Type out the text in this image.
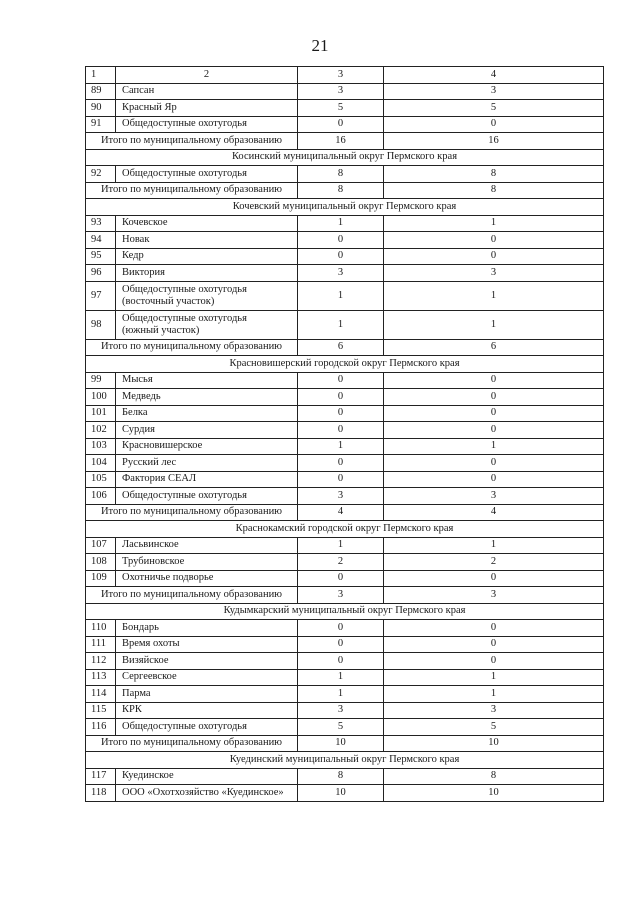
21
1	2	3	4
89	Сапсан	3	3
90	Красный Яр	5	5
91	Общедоступные охотугодья	0	0
Итого по муниципальному образованию		16	16
Косинский муниципальный округ Пермского края			
92	Общедоступные охотугодья	8	8
Итого по муниципальному образованию		8	8
Кочевский муниципальный округ Пермского края			
93	Кочевское	1	1
94	Новак	0	0
95	Кедр	0	0
96	Виктория	3	3
97	Общедоступные охотугодья
(восточный участок)	1	1
98	Общедоступные охотугодья
(южный участок)	1	1
Итого по муниципальному образованию		6	6
Красновишерский городской округ Пермского края			
99	Мысья	0	0
100	Медведь	0	0
101	Белка	0	0
102	Сурдия	0	0
103	Красновишерское	1	1
104	Русский лес	0	0
105	Фактория СЕАЛ	0	0
106	Общедоступные охотугодья	3	3
Итого по муниципальному образованию		4	4
Краснокамский городской округ Пермского края			
107	Ласьвинское	1	1
108	Трубиновское	2	2
109	Охотничье подворье	0	0
Итого по муниципальному образованию		3	3
Кудымкарский муниципальный округ Пермского края			
110	Бондарь	0	0
111	Время охоты	0	0
112	Визяйское	0	0
113	Сергеевское	1	1
114	Парма	1	1
115	КРК	3	3
116	Общедоступные охотугодья	5	5
Итого по муниципальному образованию		10	10
Куединский муниципальный округ Пермского края			
117	Куединское	8	8
118	ООО «Охотхозяйство «Куединское»	10	10
